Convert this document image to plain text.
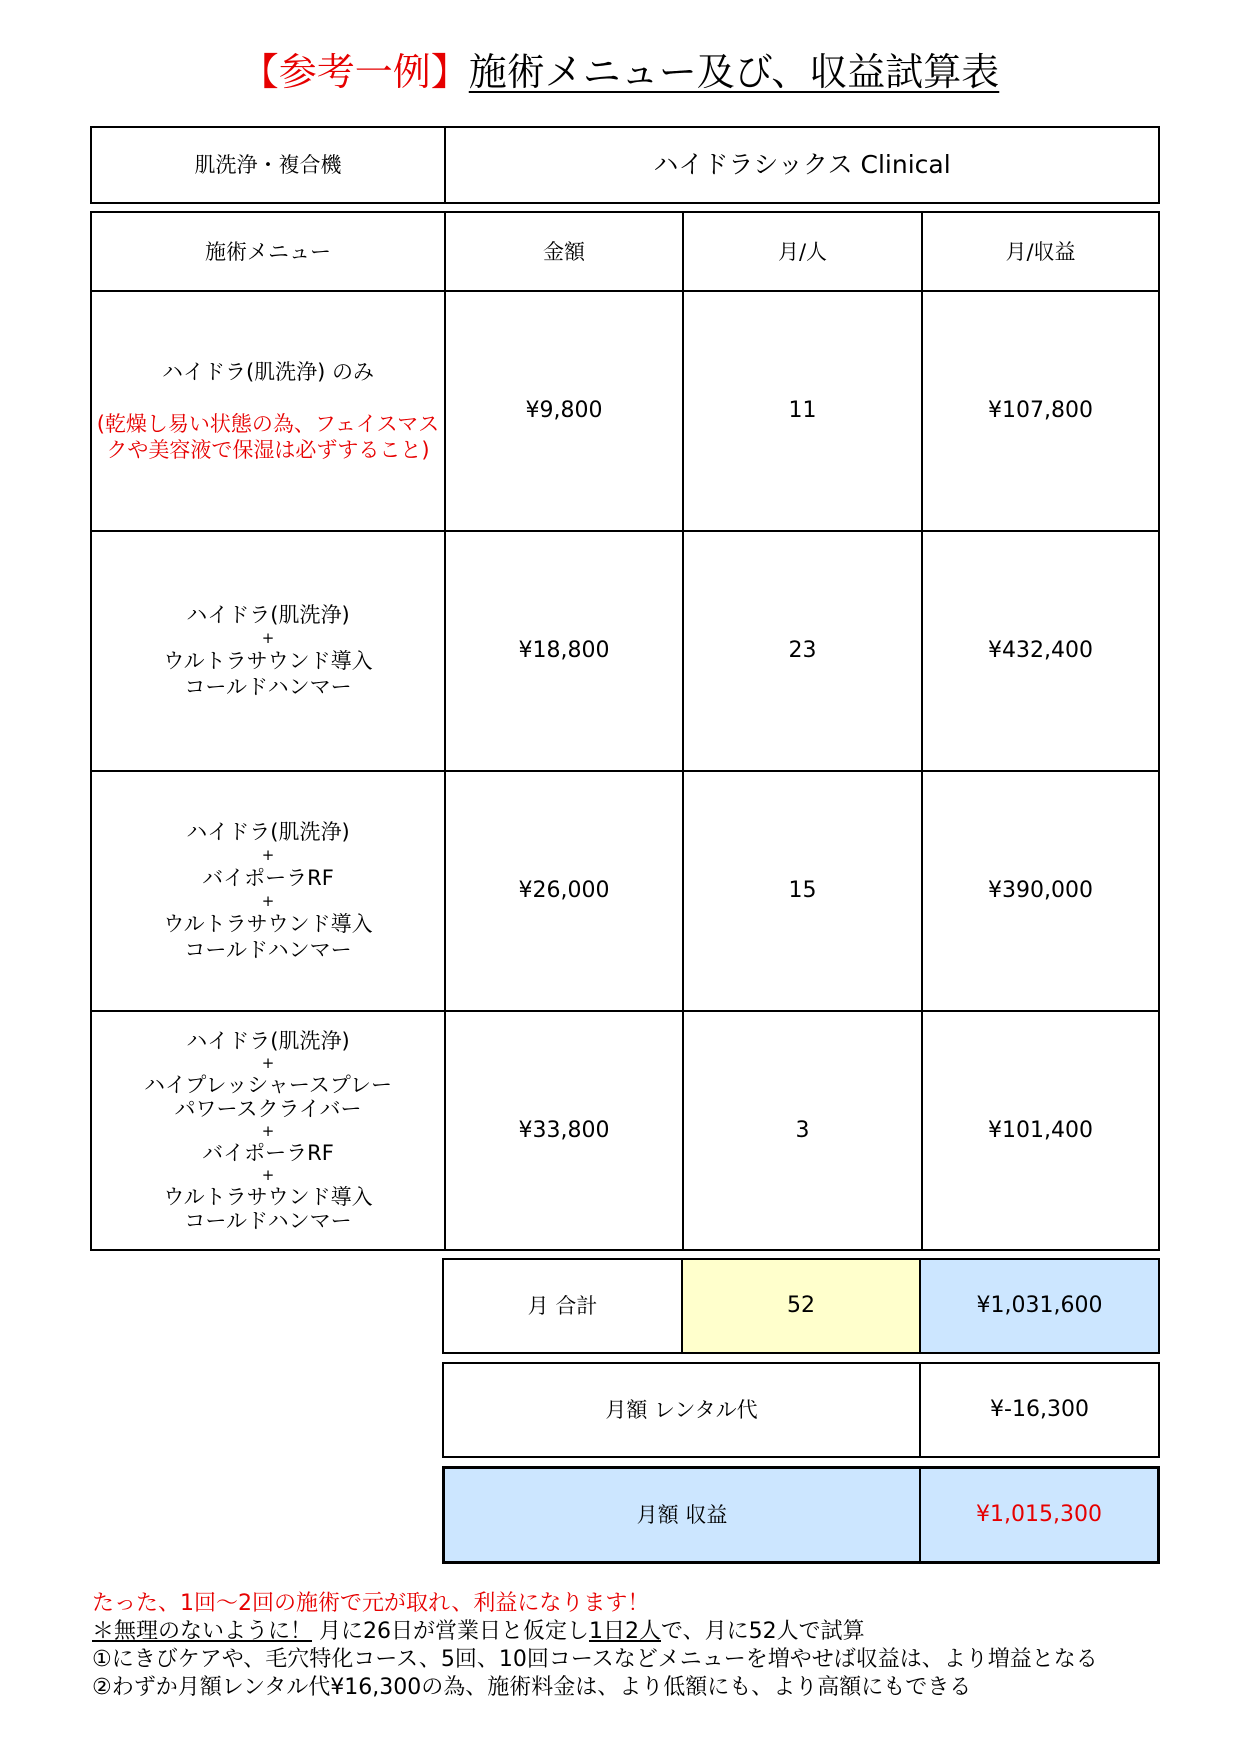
【参考一例】施術メニュー及び、収益試算表
肌洗浄・複合機	ハイドラシックス Clinical
施術メニュー	金額	月/人	月/収益
ハイドラ(肌洗浄) のみ
(乾燥し易い状態の為、フェイスマス
クや美容液で保湿は必ずすること)
¥9,800	11	¥107,800
ハイドラ(肌洗浄)
+
ウルトラサウンド導入
コールドハンマー
¥18,800	23	¥432,400
ハイドラ(肌洗浄)
+
バイポーラRF
+
ウルトラサウンド導入
コールドハンマー
¥26,000	15	¥390,000
ハイドラ(肌洗浄)
+
ハイプレッシャースプレー
パワースクライバー
+
バイポーラRF
+
ウルトラサウンド導入
コールドハンマー
¥33,800	3	¥101,400
月 合計	52	¥1,031,600
月額 レンタル代	¥-16,300
月額 収益	¥1,015,300
たった、1回～2回の施術で元が取れ、利益になります！
＊無理のないように！ 月に26日が営業日と仮定し1日2人で、月に52人で試算
①にきびケアや、毛穴特化コース、5回、10回コースなどメニューを増やせば収益は、より増益となる
②わずか月額レンタル代¥16,300の為、施術料金は、より低額にも、より高額にもできる
